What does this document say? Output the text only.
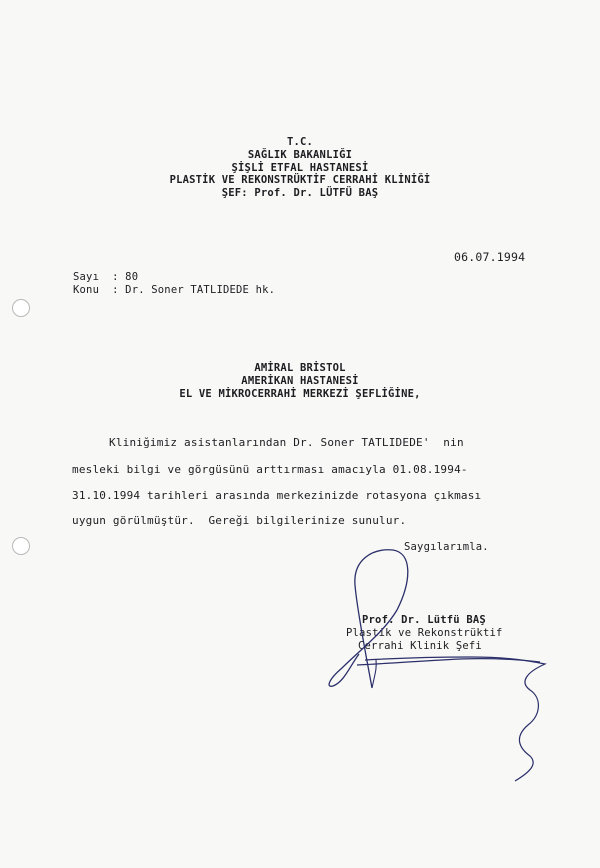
T.C.
SAĞLIK BAKANLIĞI
ŞİŞLİ ETFAL HASTANESİ
PLASTİK VE REKONSTRÜKTİF CERRAHİ KLİNİĞİ
ŞEF: Prof. Dr. LÜTFÜ BAŞ
06.07.1994
Sayı  : 80
Konu  : Dr. Soner TATLIDEDE hk.
AMİRAL BRİSTOL
AMERİKAN HASTANESİ
EL VE MİKROCERRAHİ MERKEZİ ŞEFLİĞİNE,
Kliniğimiz asistanlarından Dr. Soner TATLIDEDE'  nin
mesleki bilgi ve görgüsünü arttırması amacıyla 01.08.1994-
31.10.1994 tarihleri arasında merkezinizde rotasyona çıkması
uygun görülmüştür.  Gereği bilgilerinize sunulur.
Saygılarımla.
Prof. Dr. Lütfü BAŞ
Plastik ve Rekonstrüktif
Cerrahi Klinik Şefi
